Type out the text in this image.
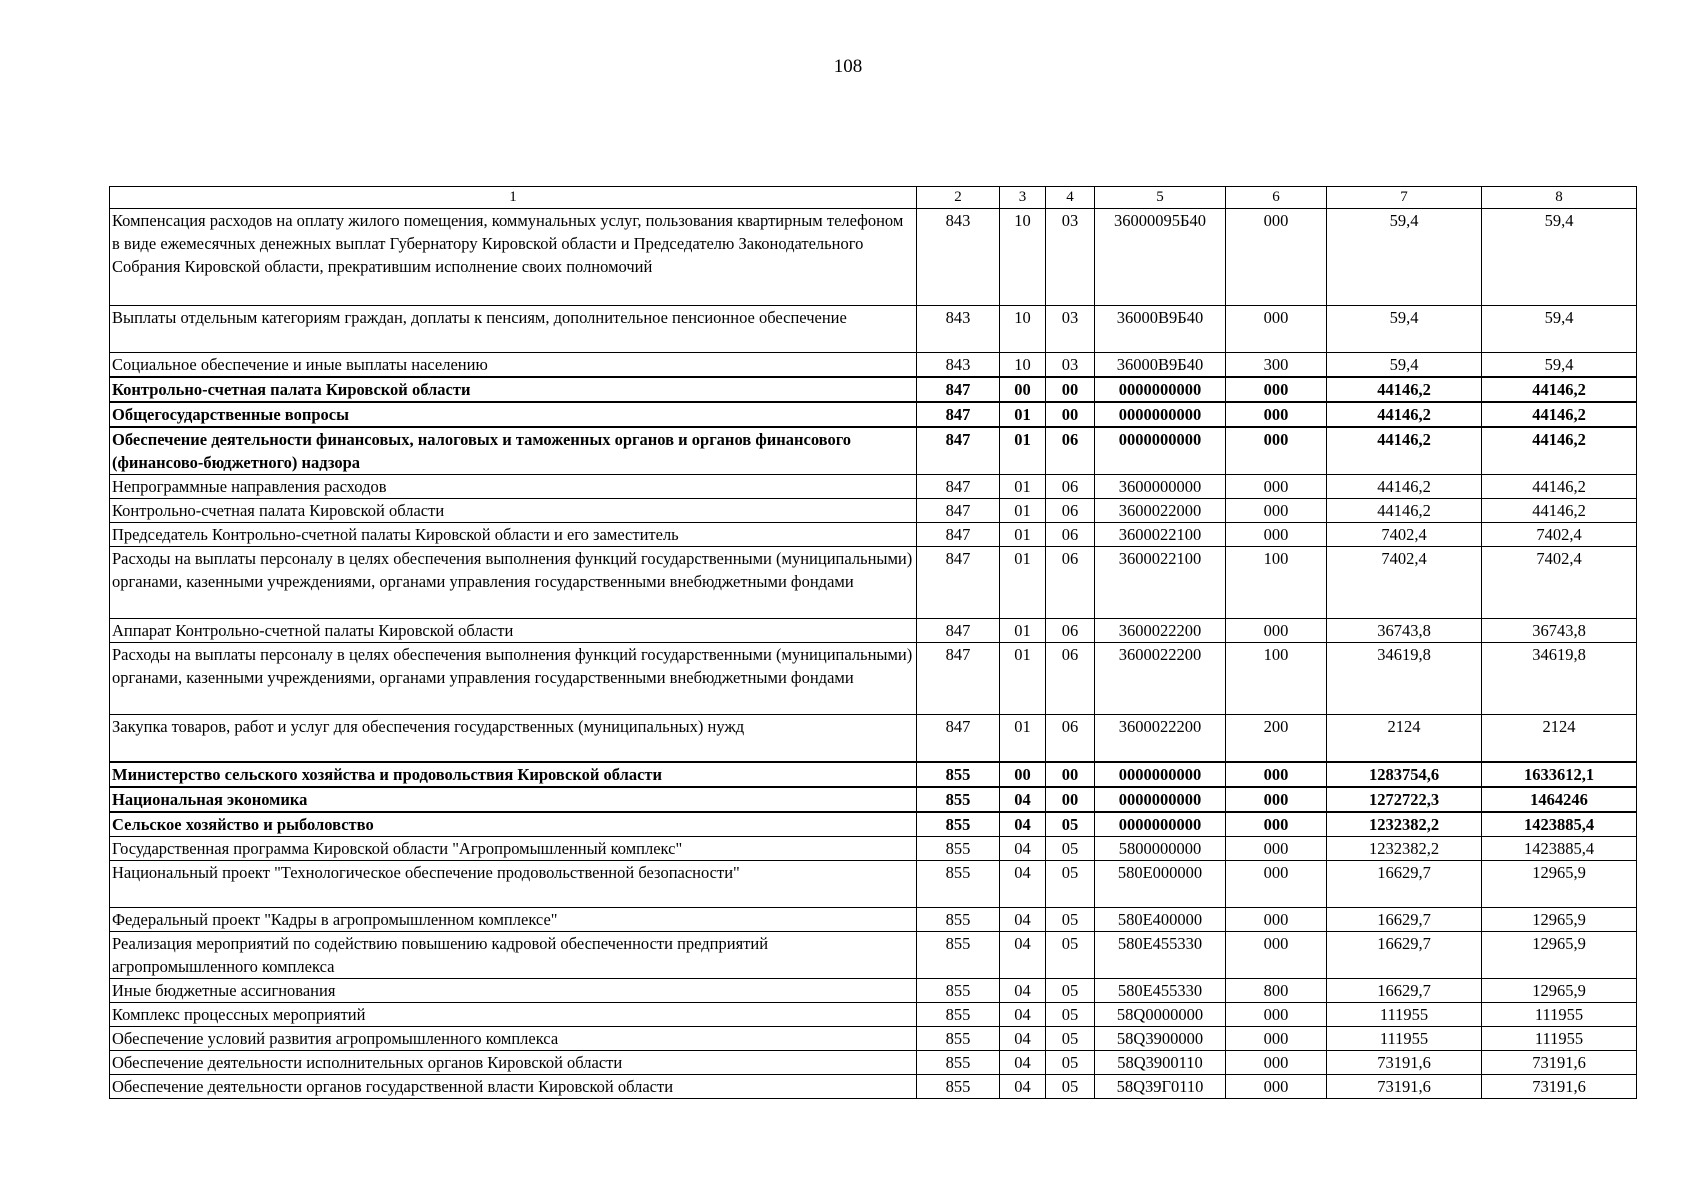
108
1	2	3	4	5	6	7	8
Компенсация расходов на оплату жилого помещения, коммунальных услуг, пользования квартирным телефоном в виде ежемесячных денежных выплат Губернатору Кировской области и Председателю Законодательного Собрания Кировской области, прекратившим исполнение своих полномочий	843	10	03	36000095Б40	000	59,4	59,4
Выплаты отдельным категориям граждан, доплаты к пенсиям, дополнительное пенсионное обеспечение	843	10	03	36000В9Б40	000	59,4	59,4
Социальное обеспечение и иные выплаты населению	843	10	03	36000В9Б40	300	59,4	59,4
Контрольно-счетная палата Кировской области	847	00	00	0000000000	000	44146,2	44146,2
Общегосударственные вопросы	847	01	00	0000000000	000	44146,2	44146,2
Обеспечение деятельности финансовых, налоговых и таможенных органов и органов финансового (финансово-бюджетного) надзора	847	01	06	0000000000	000	44146,2	44146,2
Непрограммные направления расходов	847	01	06	3600000000	000	44146,2	44146,2
Контрольно-счетная палата Кировской области	847	01	06	3600022000	000	44146,2	44146,2
Председатель Контрольно-счетной палаты Кировской области и его заместитель	847	01	06	3600022100	000	7402,4	7402,4
Расходы на выплаты персоналу в целях обеспечения выполнения функций государственными (муниципальными) органами, казенными учреждениями, органами управления государственными внебюджетными фондами	847	01	06	3600022100	100	7402,4	7402,4
Аппарат Контрольно-счетной палаты Кировской области	847	01	06	3600022200	000	36743,8	36743,8
Расходы на выплаты персоналу в целях обеспечения выполнения функций государственными (муниципальными) органами, казенными учреждениями, органами управления государственными внебюджетными фондами	847	01	06	3600022200	100	34619,8	34619,8
Закупка товаров, работ и услуг для обеспечения государственных (муниципальных) нужд	847	01	06	3600022200	200	2124	2124
Министерство сельского хозяйства и продовольствия Кировской области	855	00	00	0000000000	000	1283754,6	1633612,1
Национальная экономика	855	04	00	0000000000	000	1272722,3	1464246
Сельское хозяйство и рыболовство	855	04	05	0000000000	000	1232382,2	1423885,4
Государственная программа Кировской области "Агропромышленный комплекс"	855	04	05	5800000000	000	1232382,2	1423885,4
Национальный проект "Технологическое обеспечение продовольственной безопасности"	855	04	05	580Е000000	000	16629,7	12965,9
Федеральный проект "Кадры в агропромышленном комплексе"	855	04	05	580Е400000	000	16629,7	12965,9
Реализация мероприятий по содействию повышению кадровой обеспеченности предприятий агропромышленного комплекса	855	04	05	580Е455330	000	16629,7	12965,9
Иные бюджетные ассигнования	855	04	05	580Е455330	800	16629,7	12965,9
Комплекс процессных мероприятий	855	04	05	58Q0000000	000	111955	111955
Обеспечение условий развития агропромышленного комплекса	855	04	05	58Q3900000	000	111955	111955
Обеспечение деятельности исполнительных органов Кировской области	855	04	05	58Q3900110	000	73191,6	73191,6
Обеспечение деятельности органов государственной власти Кировской области	855	04	05	58Q39Г0110	000	73191,6	73191,6
